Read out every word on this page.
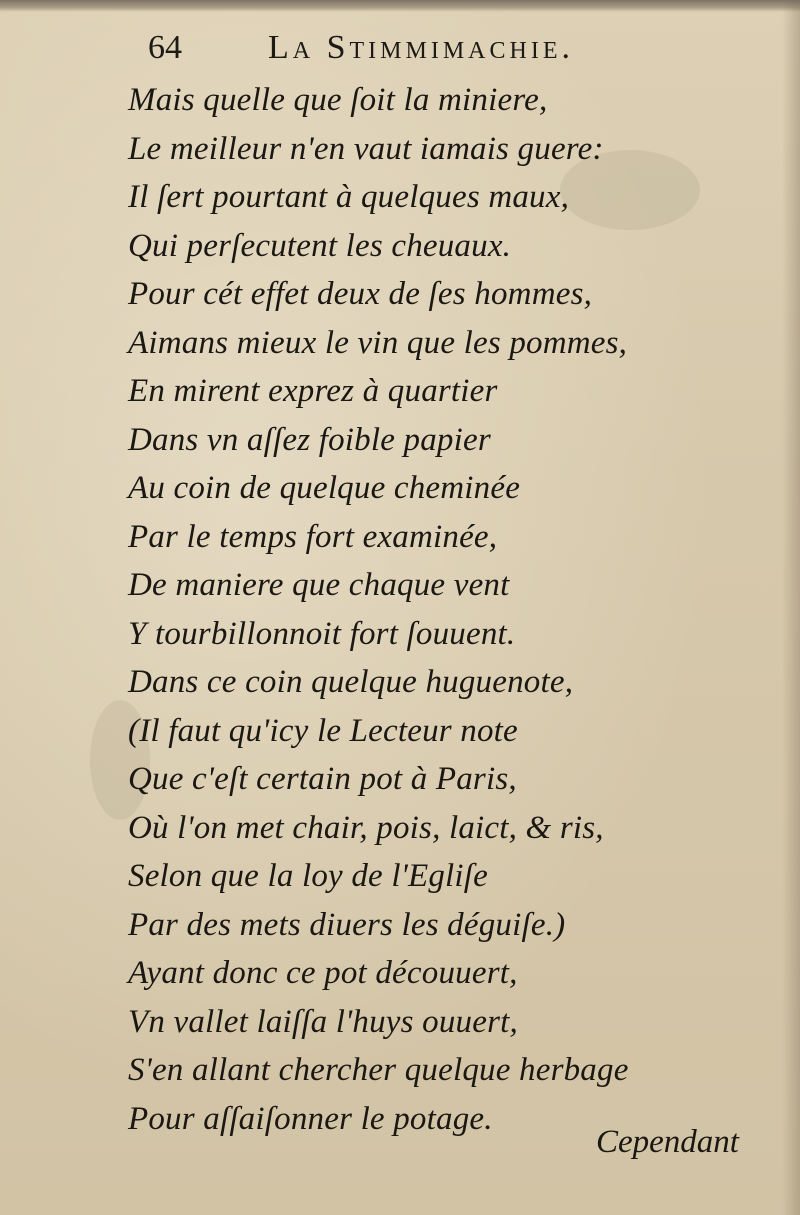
64	La Stimmimachie.
Mais quelle que ſoit la miniere,
Le meilleur n'en vaut iamais guere:
Il ſert pourtant à quelques maux,
Qui perſecutent les cheuaux.
Pour cét effet deux de ſes hommes,
Aimans mieux le vin que les pommes,
En mirent exprez à quartier
Dans vn aſſez foible papier
Au coin de quelque cheminée
Par le temps fort examinée,
De maniere que chaque vent
Y tourbillonnoit fort ſouuent.
Dans ce coin quelque huguenote,
(Il faut qu'icy le Lecteur note
Que c'eſt certain pot à Paris,
Où l'on met chair, pois, laict, & ris,
Selon que la loy de l'Egliſe
Par des mets diuers les déguiſe.)
Ayant donc ce pot découuert,
Vn vallet laiſſa l'huys ouuert,
S'en allant chercher quelque herbage
Pour aſſaiſonner le potage.
Cependant
